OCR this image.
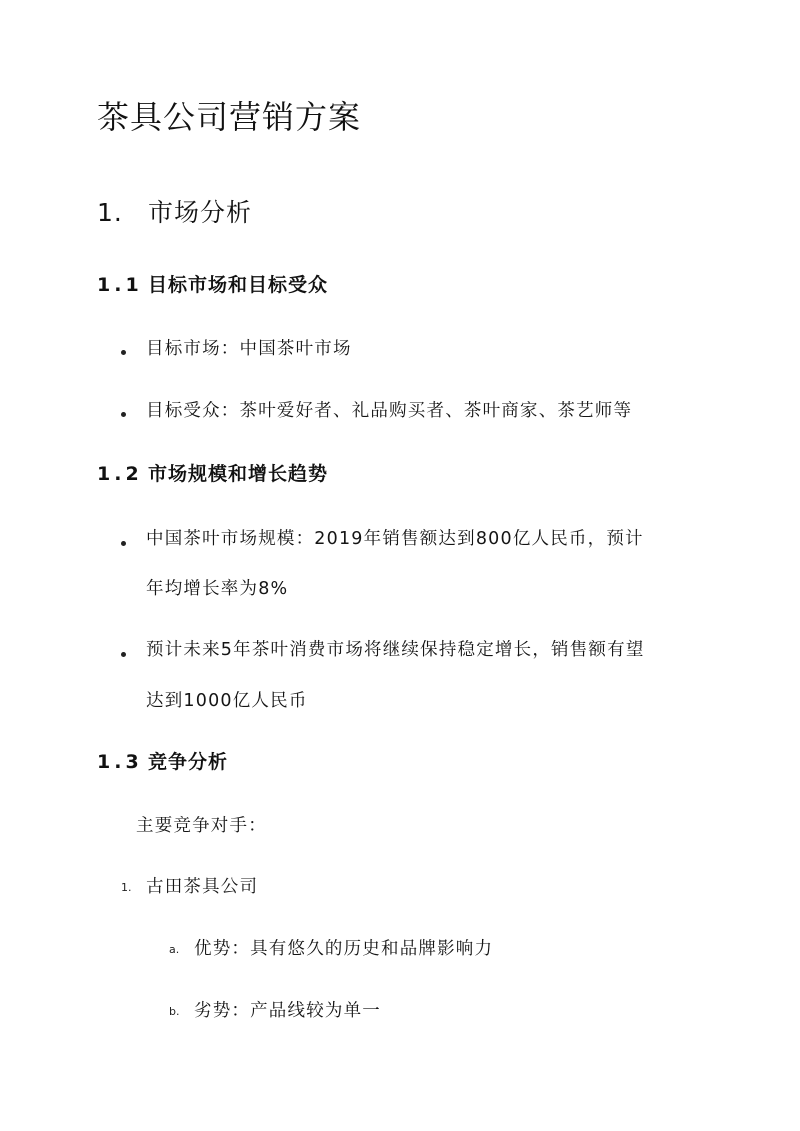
茶具公司营销方案
1. 市场分析
1.1 目标市场和目标受众
目标市场：中国茶叶市场
目标受众：茶叶爱好者、礼品购买者、茶叶商家、茶艺师等
1.2 市场规模和增长趋势
中国茶叶市场规模：2019年销售额达到800亿人民币，预计
年均增长率为8%
预计未来5年茶叶消费市场将继续保持稳定增长，销售额有望
达到1000亿人民币
1.3 竞争分析
主要竞争对手：
1. 古田茶具公司
a. 优势：具有悠久的历史和品牌影响力
b. 劣势：产品线较为单一
